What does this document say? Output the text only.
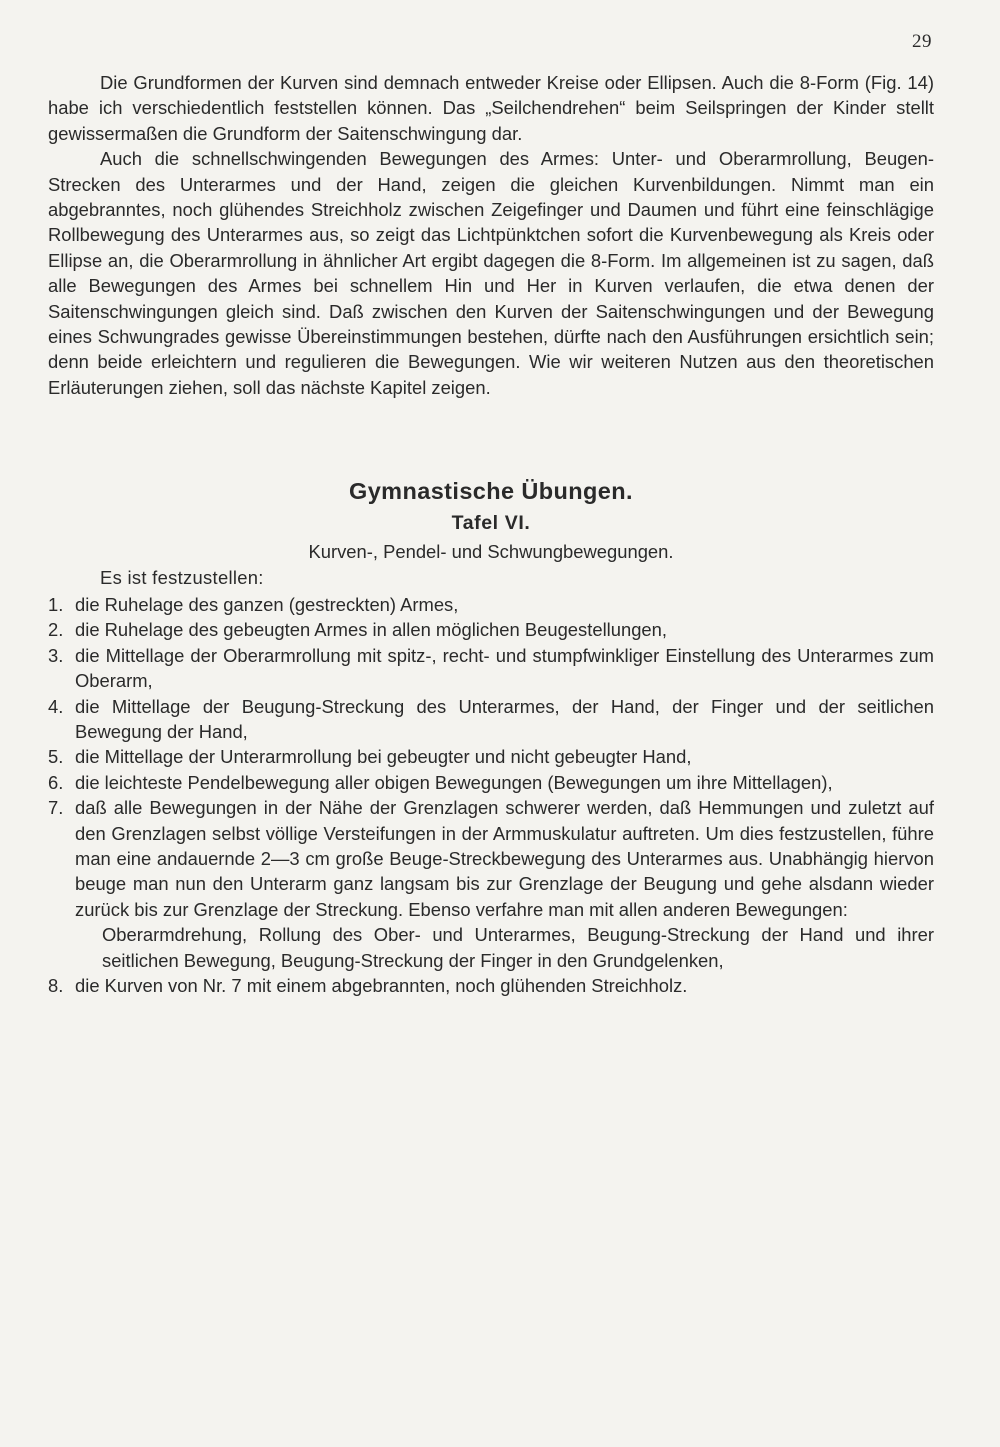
29

Die Grundformen der Kurven sind demnach entweder Kreise oder Ellipsen. Auch die 8-Form (Fig. 14) habe ich verschiedentlich feststellen können. Das „Seilchendrehen“ beim Seilspringen der Kinder stellt gewissermaßen die Grundform der Saitenschwingung dar.

Auch die schnellschwingenden Bewegungen des Armes: Unter- und Oberarmrollung, Beugen-Strecken des Unterarmes und der Hand, zeigen die gleichen Kurvenbildungen. Nimmt man ein abgebranntes, noch glühendes Streichholz zwischen Zeigefinger und Daumen und führt eine feinschlägige Rollbewegung des Unterarmes aus, so zeigt das Lichtpünktchen sofort die Kurvenbewegung als Kreis oder Ellipse an, die Oberarmrollung in ähnlicher Art ergibt dagegen die 8-Form. Im allgemeinen ist zu sagen, daß alle Bewegungen des Armes bei schnellem Hin und Her in Kurven verlaufen, die etwa denen der Saitenschwingungen gleich sind. Daß zwischen den Kurven der Saitenschwingungen und der Bewegung eines Schwungrades gewisse Übereinstimmungen bestehen, dürfte nach den Ausführungen ersichtlich sein; denn beide erleichtern und regulieren die Bewegungen. Wie wir weiteren Nutzen aus den theoretischen Erläuterungen ziehen, soll das nächste Kapitel zeigen.

Gymnastische Übungen.
Tafel VI.
Kurven-, Pendel- und Schwungbewegungen.
Es ist festzustellen:
1. die Ruhelage des ganzen (gestreckten) Armes,
2. die Ruhelage des gebeugten Armes in allen möglichen Beugestellungen,
3. die Mittellage der Oberarmrollung mit spitz-, recht- und stumpfwinkliger Einstellung des Unterarmes zum Oberarm,
4. die Mittellage der Beugung-Streckung des Unterarmes, der Hand, der Finger und der seitlichen Bewegung der Hand,
5. die Mittellage der Unterarmrollung bei gebeugter und nicht gebeugter Hand,
6. die leichteste Pendelbewegung aller obigen Bewegungen (Bewegungen um ihre Mittellagen),
7. daß alle Bewegungen in der Nähe der Grenzlagen schwerer werden, daß Hemmungen und zuletzt auf den Grenzlagen selbst völlige Versteifungen in der Armmuskulatur auftreten. Um dies festzustellen, führe man eine andauernde 2—3 cm große Beuge-Streckbewegung des Unterarmes aus. Unabhängig hiervon beuge man nun den Unterarm ganz langsam bis zur Grenzlage der Beugung und gehe alsdann wieder zurück bis zur Grenzlage der Streckung. Ebenso verfahre man mit allen anderen Bewegungen:
Oberarmdrehung, Rollung des Ober- und Unterarmes, Beugung-Streckung der Hand und ihrer seitlichen Bewegung, Beugung-Streckung der Finger in den Grundgelenken,
8. die Kurven von Nr. 7 mit einem abgebrannten, noch glühenden Streichholz.
